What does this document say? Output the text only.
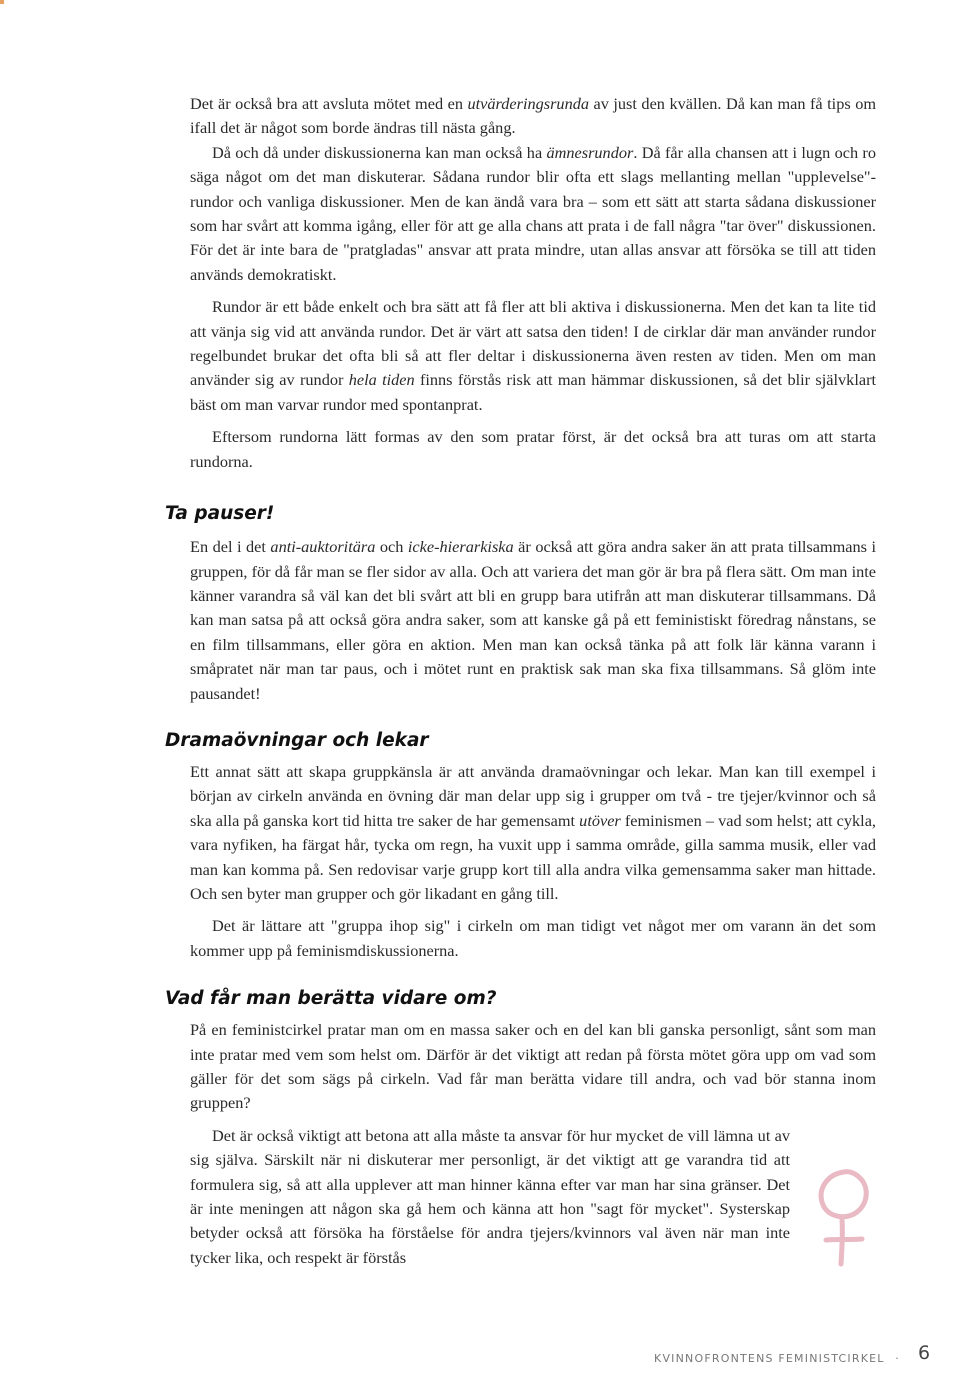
Det är också bra att avsluta mötet med en utvärderingsrunda av just den kvällen. Då kan man få tips om ifall det är något som borde ändras till nästa gång.

Då och då under diskussionerna kan man också ha ämnesrundor. Då får alla chansen att i lugn och ro säga något om det man diskuterar. Sådana rundor blir ofta ett slags mellanting mellan "upplevelse"-rundor och vanliga diskussioner. Men de kan ändå vara bra – som ett sätt att starta sådana diskussioner som har svårt att komma igång, eller för att ge alla chans att prata i de fall några "tar över" diskussionen. För det är inte bara de "pratgladas" ansvar att prata mindre, utan allas ansvar att försöka se till att tiden används demokratiskt.

Rundor är ett både enkelt och bra sätt att få fler att bli aktiva i diskussionerna. Men det kan ta lite tid att vänja sig vid att använda rundor. Det är värt att satsa den tiden! I de cirklar där man använder rundor regelbundet brukar det ofta bli så att fler deltar i diskussionerna även resten av tiden. Men om man använder sig av rundor hela tiden finns förstås risk att man hämmar diskussionen, så det blir självklart bäst om man varvar rundor med spontanprat.

Eftersom rundorna lätt formas av den som pratar först, är det också bra att turas om att starta rundorna.

Ta pauser!

En del i det anti-auktoritära och icke-hierarkiska är också att göra andra saker än att prata tillsammans i gruppen, för då får man se fler sidor av alla. Och att variera det man gör är bra på flera sätt. Om man inte känner varandra så väl kan det bli svårt att bli en grupp bara utifrån att man diskuterar tillsammans. Då kan man satsa på att också göra andra saker, som att kanske gå på ett feministiskt föredrag nånstans, se en film tillsammans, eller göra en aktion. Men man kan också tänka på att folk lär känna varann i småpratet när man tar paus, och i mötet runt en praktisk sak man ska fixa tillsammans. Så glöm inte pausandet!

Dramaövningar och lekar

Ett annat sätt att skapa gruppkänsla är att använda dramaövningar och lekar. Man kan till exempel i början av cirkeln använda en övning där man delar upp sig i grupper om två - tre tjejer/kvinnor och så ska alla på ganska kort tid hitta tre saker de har gemensamt utöver feminismen – vad som helst; att cykla, vara nyfiken, ha färgat hår, tycka om regn, ha vuxit upp i samma område, gilla samma musik, eller vad man kan komma på. Sen redovisar varje grupp kort till alla andra vilka gemensamma saker man hittade. Och sen byter man grupper och gör likadant en gång till.

Det är lättare att "gruppa ihop sig" i cirkeln om man tidigt vet något mer om varann än det som kommer upp på feminismdiskussionerna.

Vad får man berätta vidare om?

På en feministcirkel pratar man om en massa saker och en del kan bli ganska personligt, sånt som man inte pratar med vem som helst om. Därför är det viktigt att redan på första mötet göra upp om vad som gäller för det som sägs på cirkeln. Vad får man berätta vidare till andra, och vad bör stanna inom gruppen?

Det är också viktigt att betona att alla måste ta ansvar för hur mycket de vill lämna ut av sig själva. Särskilt när ni diskuterar mer personligt, är det viktigt att ge varandra tid att formulera sig, så att alla upplever att man hinner känna efter var man har sina gränser. Det är inte meningen att någon ska gå hem och känna att hon "sagt för mycket". Systerskap betyder också att försöka ha förståelse för andra tjejers/kvinnors val även när man inte tycker lika, och respekt är förstås

KVINNOFRONTENS FEMINISTCIRKEL · 6
